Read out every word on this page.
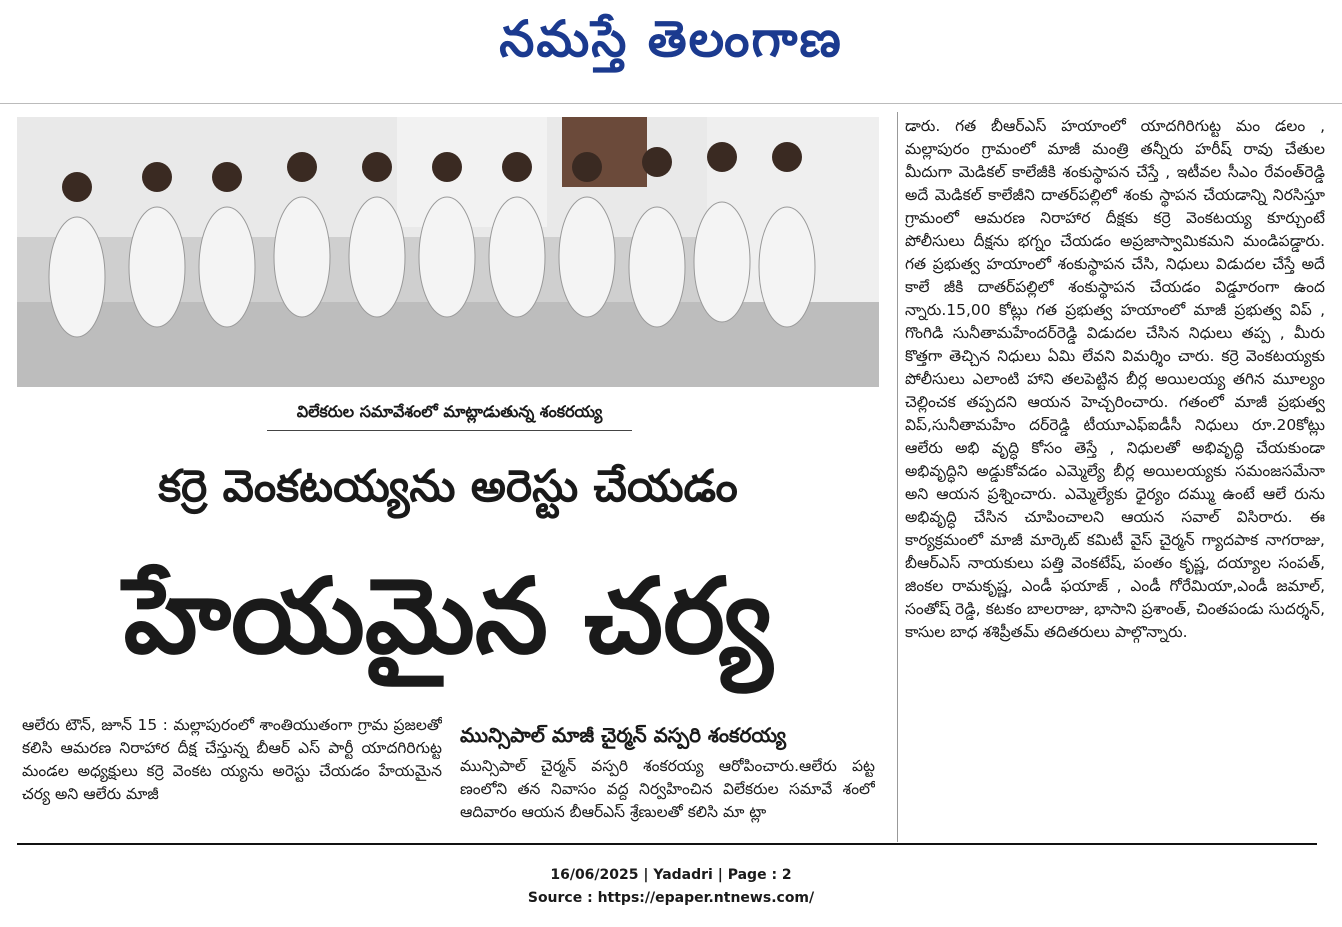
నమస్తే తెలంగాణ
విలేకరుల సమావేశంలో మాట్లాడుతున్న శంకరయ్య
కర్రె వెంకటయ్యను అరెస్టు చేయడం
హేయమైన చర్య
ఆలేరు టౌన్, జూన్ 15 : మల్లాపురంలో శాంతియుతంగా గ్రామ ప్రజలతో కలిసి ఆమరణ నిరాహార దీక్ష చేస్తున్న బీఆర్ ఎస్ పార్టీ యాదగిరిగుట్ట మండల అధ్యక్షులు కర్రె వెంకట య్యను అరెస్టు చేయడం హేయమైన చర్య అని ఆలేరు మాజీ
మున్సిపాల్ మాజీ చైర్మన్ వస్పరి శంకరయ్య
మున్సిపాల్ చైర్మన్ వస్పరి శంకరయ్య ఆరోపించారు.ఆలేరు పట్ట ణంలోని తన నివాసం వద్ద నిర్వహించిన విలేకరుల సమావే శంలో ఆదివారం ఆయన బీఆర్ఎస్ శ్రేణులతో కలిసి మా ట్లా
డారు. గత బీఆర్ఎస్ హయాంలో యాదగిరిగుట్ట మం డలం , మల్లాపురం గ్రామంలో మాజీ మంత్రి తన్నీరు హరీష్ రావు చేతుల మీదుగా మెడికల్ కాలేజీకి శంకుస్థాపన చేస్తే , ఇటీవల సీఎం రేవంత్‌రెడ్డి అదే మెడికల్ కాలేజీని దాతర్‌పల్లిలో శంకు స్థాపన చేయడాన్ని నిరసిస్తూ గ్రామంలో ఆమరణ నిరాహార దీక్షకు కర్రె వెంకటయ్య కూర్చుంటే పోలీసులు దీక్షను భగ్నం చేయడం అప్రజాస్వామికమని మండిపడ్డారు. గత ప్రభుత్వ హయాంలో శంకుస్థాపన చేసి, నిధులు విడుదల చేస్తే అదే కాలే జీకి దాతర్‌పల్లిలో శంకుస్థాపన చేయడం విడ్డూరంగా ఉంద న్నారు.15,00 కోట్లు గత ప్రభుత్వ హయాంలో మాజీ ప్రభుత్వ విప్ , గొంగిడి సునీతామహేందర్‌రెడ్డి విడుదల చేసిన నిధులు తప్ప , మీరు కొత్తగా తెచ్చిన నిధులు ఏమి లేవని విమర్శిం చారు. కర్రె వెంకటయ్యకు పోలీసులు ఎలాంటి హాని తలపెట్టిన బీర్ల అయిలయ్య తగిన మూల్యం చెల్లించక తప్పదని ఆయన హెచ్చరించారు. గతంలో మాజీ ప్రభుత్వ విప్,సునీతామహేం దర్‌రెడ్డి టీయూఎఫ్ఐడీసీ నిధులు రూ.20కోట్లు ఆలేరు అభి వృద్ధి కోసం తెస్తే , నిధులతో అభివృద్ధి చేయకుండా అభివృద్ధిని అడ్డుకోవడం ఎమ్మెల్యే బీర్ల అయిలయ్యకు సమంజసమేనా అని ఆయన ప్రశ్నించారు. ఎమ్మెల్యేకు ధైర్యం దమ్ము ఉంటే ఆలే రును అభివృద్ధి చేసిన చూపించాలని ఆయన సవాల్ విసిరారు. ఈ కార్యక్రమంలో మాజీ మార్కెట్ కమిటీ వైస్ చైర్మన్ గ్యాదపాక నాగరాజు, బీఆర్ఎస్ నాయకులు పత్తి వెంకటేష్, పంతం కృష్ణ, దయ్యాల సంపత్, జింకల రామకృష్ణ, ఎండీ ఫయాజ్ , ఎండీ గోరేమియా,ఎండీ జమాల్, సంతోష్ రెడ్డి, కటకం బాలరాజు, భాసాని ప్రశాంత్, చింతపండు సుదర్శన్, కాసుల బాధ శశిప్రీతమ్ తదితరులు పాల్గొన్నారు.
16/06/2025 | Yadadri | Page : 2
Source : https://epaper.ntnews.com/
